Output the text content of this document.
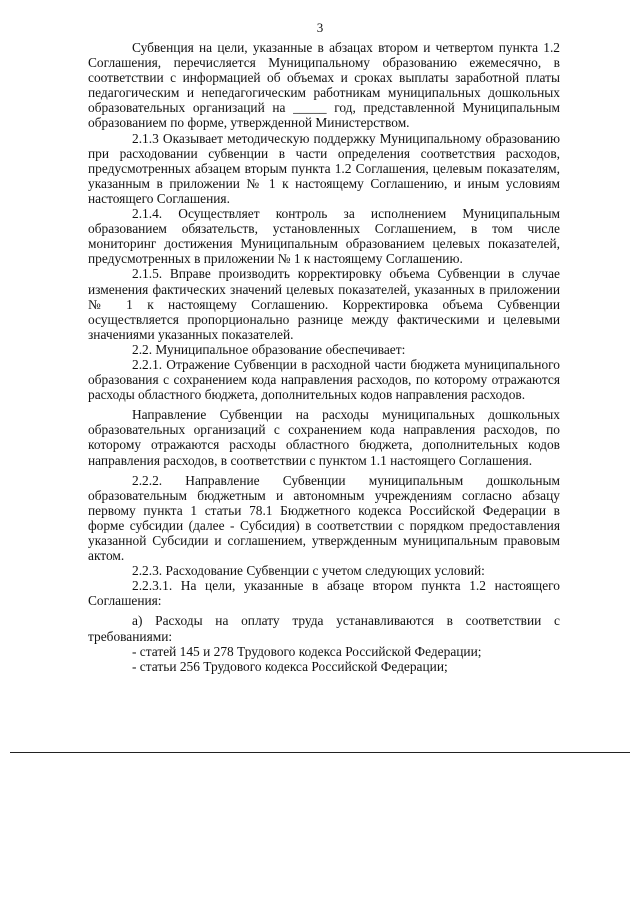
3

Субвенция на цели, указанные в абзацах втором и четвертом пункта 1.2 Соглашения, перечисляется Муниципальному образованию ежемесячно, в соответствии с информацией об объемах и сроках выплаты заработной платы педагогическим и непедагогическим работникам муниципальных дошкольных образовательных организаций на _____ год, представленной Муниципальным образованием по форме, утвержденной Министерством.

2.1.3 Оказывает методическую поддержку Муниципальному образованию при расходовании субвенции в части определения соответствия расходов, предусмотренных абзацем вторым пункта 1.2 Соглашения, целевым показателям, указанным в приложении № 1 к настоящему Соглашению, и иным условиям настоящего Соглашения.

2.1.4. Осуществляет контроль за исполнением Муниципальным образованием обязательств, установленных Соглашением, в том числе мониторинг достижения Муниципальным образованием целевых показателей, предусмотренных в приложении № 1 к настоящему Соглашению.

2.1.5. Вправе производить корректировку объема Субвенции в случае изменения фактических значений целевых показателей, указанных в приложении № 1 к настоящему Соглашению. Корректировка объема Субвенции осуществляется пропорционально разнице между фактическими и целевыми значениями указанных показателей.

2.2. Муниципальное образование обеспечивает:

2.2.1. Отражение Субвенции в расходной части бюджета муниципального образования с сохранением кода направления расходов, по которому отражаются расходы областного бюджета, дополнительных кодов направления расходов.

Направление Субвенции на расходы муниципальных дошкольных образовательных организаций с сохранением кода направления расходов, по которому отражаются расходы областного бюджета, дополнительных кодов направления расходов, в соответствии с пунктом 1.1 настоящего Соглашения.

2.2.2. Направление Субвенции муниципальным дошкольным образовательным бюджетным и автономным учреждениям согласно абзацу первому пункта 1 статьи 78.1 Бюджетного кодекса Российской Федерации в форме субсидии (далее - Субсидия) в соответствии с порядком предоставления указанной Субсидии и соглашением, утвержденным муниципальным правовым актом.

2.2.3. Расходование Субвенции с учетом следующих условий:

2.2.3.1. На цели, указанные в абзаце втором пункта 1.2 настоящего Соглашения:

а) Расходы на оплату труда устанавливаются в соответствии с требованиями:

- статей 145 и 278 Трудового кодекса Российской Федерации;

- статьи 256 Трудового кодекса Российской Федерации;
